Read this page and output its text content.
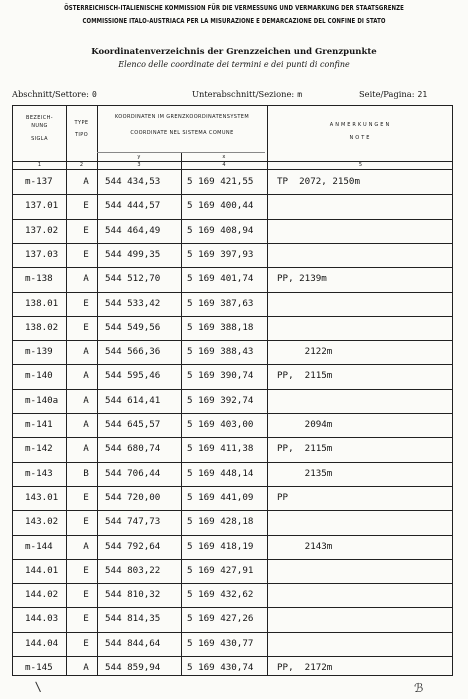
ÖSTERREICHISCH-ITALIENISCHE KOMMISSION FÜR DIE VERMESSUNG UND VERMARKUNG DER STAATSGRENZE
COMMISSIONE ITALO-AUSTRIACA PER LA MISURAZIONE E DEMARCAZIONE DEL CONFINE DI STATO
Koordinatenverzeichnis der Grenzzeichen und Grenzpunkte
Elenco delle coordinate dei termini e dei punti di confine
Abschnitt/Settore: 0	Unterabschnitt/Sezione: m	Seite/Pagina: 21
BEZEICH-
NUNG
SIGLA
TYPE
TIPO
KOORDINATEN IM GRENZKOORDINATENSYSTEM
COORDINATE NEL SISTEMA COMUNE
y	x
ANMERKUNGEN
NOTE
1	2	3	4	5
m-137	A	544 434,53	5 169 421,55	TP  2072, 2150m
137.01	E	544 444,57	5 169 400,44
137.02	E	544 464,49	5 169 408,94
137.03	E	544 499,35	5 169 397,93
m-138	A	544 512,70	5 169 401,74	PP, 2139m
138.01	E	544 533,42	5 169 387,63
138.02	E	544 549,56	5 169 388,18
m-139	A	544 566,36	5 169 388,43	2122m
m-140	A	544 595,46	5 169 390,74	PP,  2115m
m-140a	A	544 614,41	5 169 392,74
m-141	A	544 645,57	5 169 403,00	2094m
m-142	A	544 680,74	5 169 411,38	PP,  2115m
m-143	B	544 706,44	5 169 448,14	2135m
143.01	E	544 720,00	5 169 441,09	PP
143.02	E	544 747,73	5 169 428,18
m-144	A	544 792,64	5 169 418,19	2143m
144.01	E	544 803,22	5 169 427,91
144.02	E	544 810,32	5 169 432,62
144.03	E	544 814,35	5 169 427,26
144.04	E	544 844,64	5 169 430,77
m-145	A	544 859,94	5 169 430,74	PP,  2172m
\	ℬ
